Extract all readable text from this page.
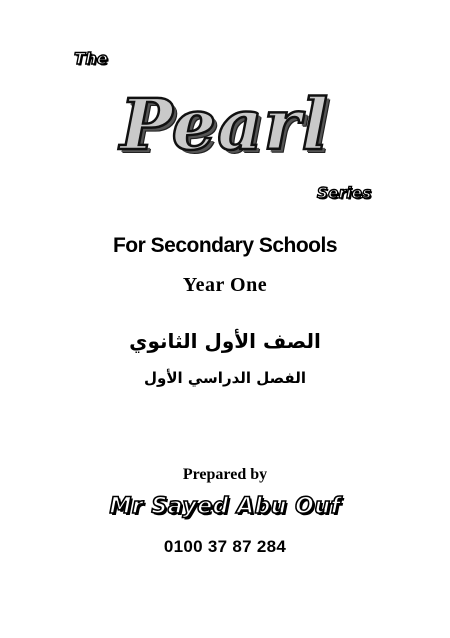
The
Pearl
Series
For Secondary Schools
Year One
الصف الأول الثانوي
الفصل الدراسي الأول
Prepared by
Mr Sayed Abu Ouf
0100 37 87 284
